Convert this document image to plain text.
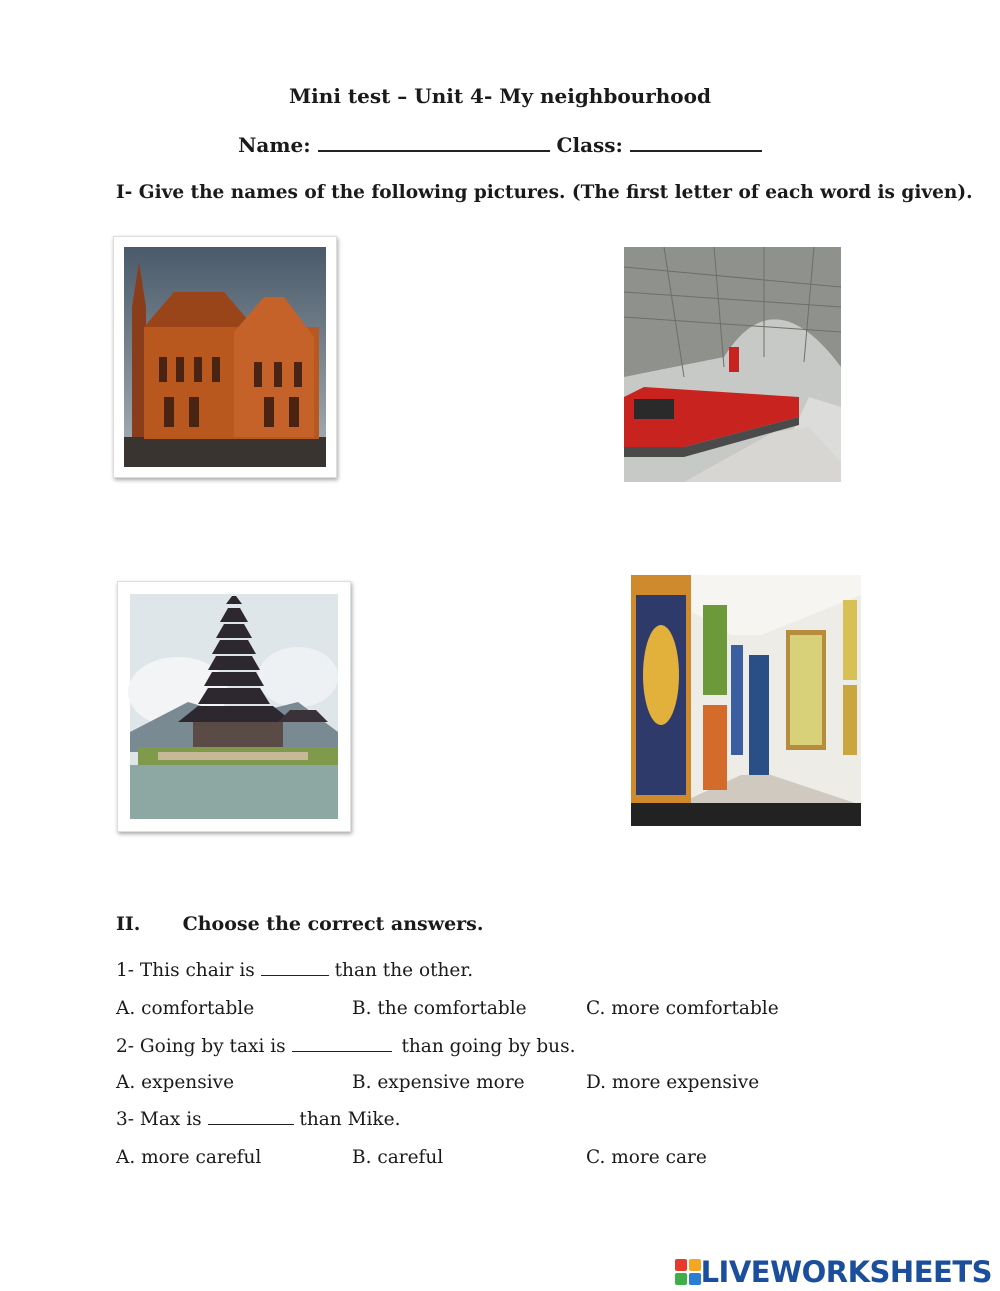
Mini test – Unit 4- My neighbourhood
Name:	Class:
I- Give the names of the following pictures. (The first letter of each word is given).
II. Choose the correct answers.
1- This chair is	than the other.
A. comfortable	B. the comfortable	C. more comfortable
2- Going by taxi is	than going by bus.
A. expensive	B. expensive more	D. more expensive
3- Max is	than Mike.
A. more careful	B. careful	C. more care
LIVEWORKSHEETS
